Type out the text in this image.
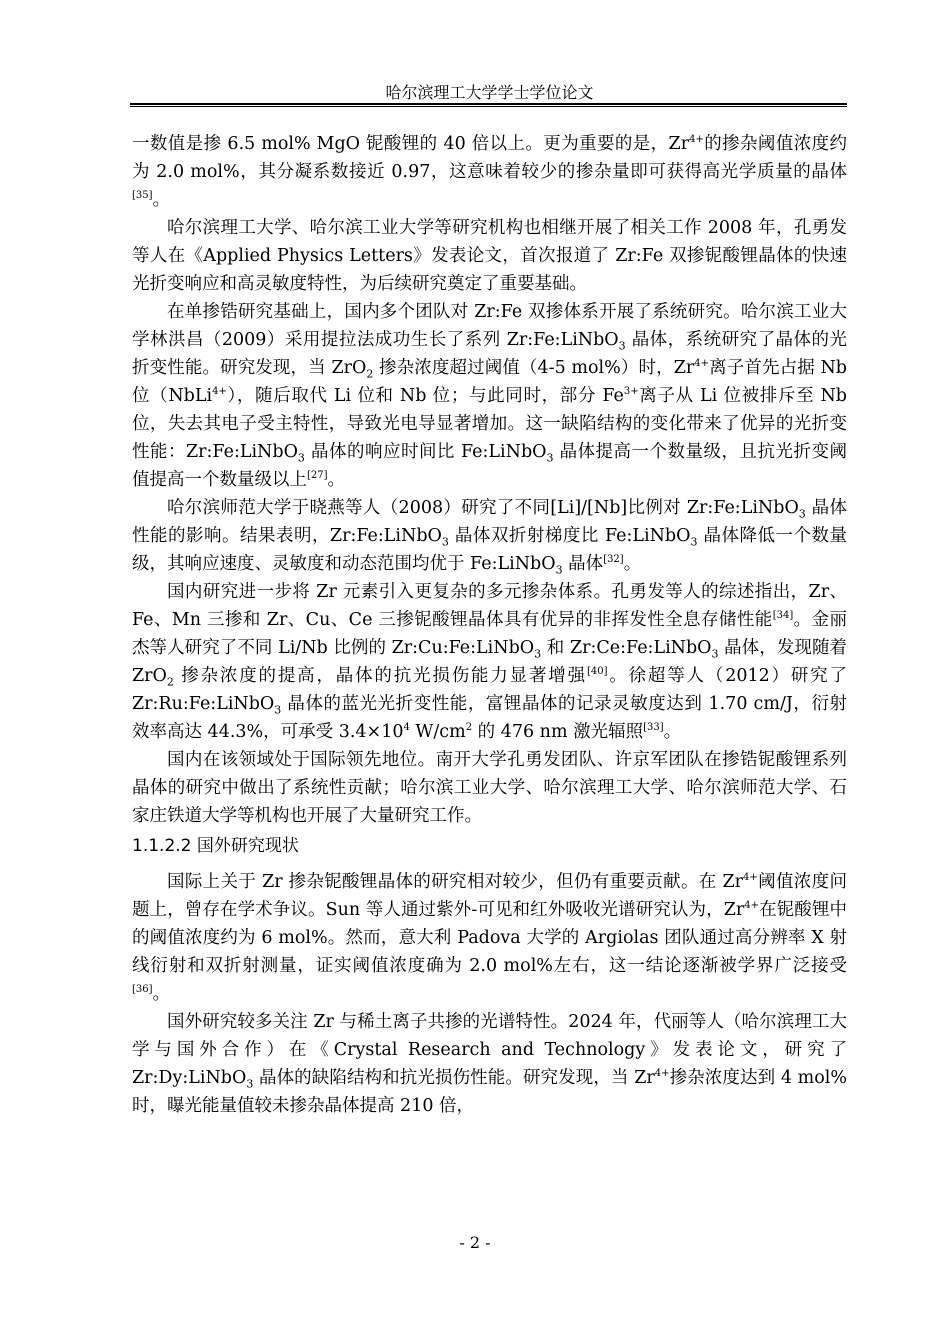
哈尔滨理工大学学士学位论文

一数值是掺 6.5 mol% MgO 铌酸锂的 40 倍以上。更为重要的是，$Zr^{4+}$的掺杂阈值浓度约为 2.0 mol%，其分凝系数接近 0.97，这意味着较少的掺杂量即可获得高光学质量的晶体[35]。

哈尔滨理工大学、哈尔滨工业大学等研究机构也相继开展了相关工作 2008 年，孔勇发等人在《Applied Physics Letters》发表论文，首次报道了 Zr:Fe 双掺铌酸锂晶体的快速光折变响应和高灵敏度特性，为后续研究奠定了重要基础。

在单掺锆研究基础上，国内多个团队对 Zr:Fe 双掺体系开展了系统研究。哈尔滨工业大学林洪昌（2009）采用提拉法成功生长了系列 Zr:Fe:LiNbO$_3$ 晶体，系统研究了晶体的光折变性能。研究发现，当 ZrO$_2$ 掺杂浓度超过阈值（4-5 mol%）时，$Zr^{4+}$离子首先占据 Nb 位（NbLi$^{4+}$），随后取代 Li 位和 Nb 位；与此同时，部分 $Fe^{3+}$离子从 Li 位被排斥至 Nb 位，失去其电子受主特性，导致光电导显著增加。这一缺陷结构的变化带来了优异的光折变性能：Zr:Fe:LiNbO$_3$ 晶体的响应时间比 Fe:LiNbO$_3$ 晶体提高一个数量级，且抗光折变阈值提高一个数量级以上[27]。

哈尔滨师范大学于晓燕等人（2008）研究了不同[Li]/[Nb]比例对 Zr:Fe:LiNbO$_3$ 晶体性能的影响。结果表明，Zr:Fe:LiNbO$_3$ 晶体双折射梯度比 Fe:LiNbO$_3$ 晶体降低一个数量级，其响应速度、灵敏度和动态范围均优于 Fe:LiNbO$_3$ 晶体[32]。

国内研究进一步将 Zr 元素引入更复杂的多元掺杂体系。孔勇发等人的综述指出，Zr、Fe、Mn 三掺和 Zr、Cu、Ce 三掺铌酸锂晶体具有优异的非挥发性全息存储性能[34]。金丽杰等人研究了不同 Li/Nb 比例的 Zr:Cu:Fe:LiNbO$_3$ 和 Zr:Ce:Fe:LiNbO$_3$ 晶体，发现随着 ZrO$_2$ 掺杂浓度的提高，晶体的抗光损伤能力显著增强[40]。徐超等人（2012）研究了 Zr:Ru:Fe:LiNbO$_3$ 晶体的蓝光光折变性能，富锂晶体的记录灵敏度达到 1.70 cm/J，衍射效率高达 44.3%，可承受 $3.4\times 10^4$ $W/cm^2$ 的 476 nm 激光辐照[33]。

国内在该领域处于国际领先地位。南开大学孔勇发团队、许京军团队在掺锆铌酸锂系列晶体的研究中做出了系统性贡献；哈尔滨工业大学、哈尔滨理工大学、哈尔滨师范大学、石家庄铁道大学等机构也开展了大量研究工作。

1.1.2.2 国外研究现状

国际上关于 Zr 掺杂铌酸锂晶体的研究相对较少，但仍有重要贡献。在 $Zr^{4+}$阈值浓度问题上，曾存在学术争议。Sun 等人通过紫外-可见和红外吸收光谱研究认为，$Zr^{4+}$在铌酸锂中的阈值浓度约为 6 mol%。然而，意大利 Padova 大学的 Argiolas 团队通过高分辨率 X 射线衍射和双折射测量，证实阈值浓度确为 2.0 mol%左右，这一结论逐渐被学界广泛接受[36]。

国外研究较多关注 Zr 与稀土离子共掺的光谱特性。2024 年，代丽等人（哈尔滨理工大学与国外合作）在《Crystal Research and Technology》发表论文，研究了 Zr:Dy:LiNbO$_3$ 晶体的缺陷结构和抗光损伤性能。研究发现，当 $Zr^{4+}$掺杂浓度达到 4 mol%时，曝光能量值较未掺杂晶体提高 210 倍，

- 2 -
